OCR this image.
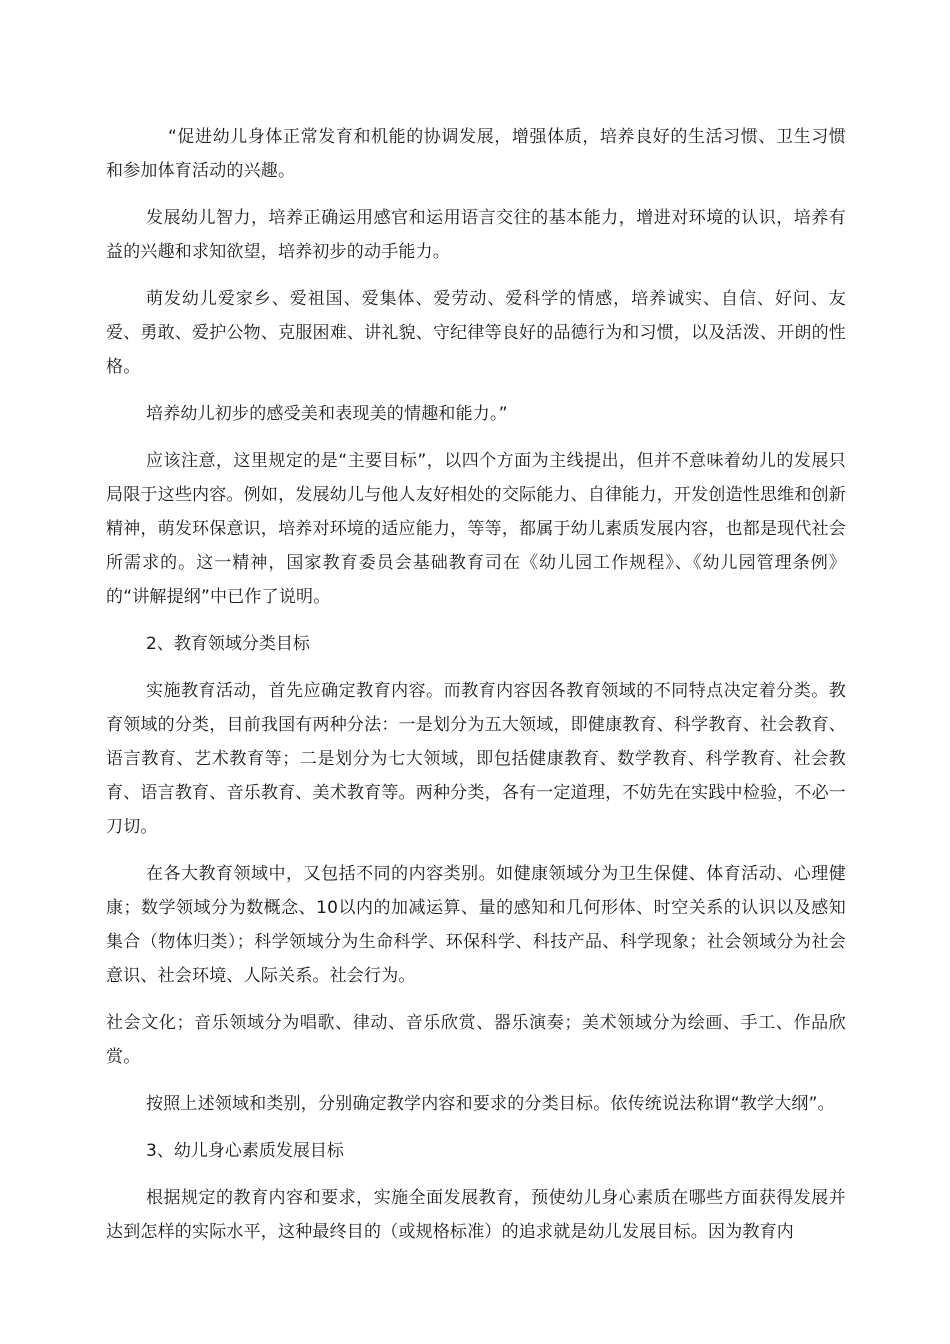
“促进幼儿身体正常发育和机能的协调发展，增强体质，培养良好的生活习惯、卫生习惯和参加体育活动的兴趣。

发展幼儿智力，培养正确运用感官和运用语言交往的基本能力，增进对环境的认识，培养有益的兴趣和求知欲望，培养初步的动手能力。

萌发幼儿爱家乡、爱祖国、爱集体、爱劳动、爱科学的情感，培养诚实、自信、好问、友爱、勇敢、爱护公物、克服困难、讲礼貌、守纪律等良好的品德行为和习惯，以及活泼、开朗的性格。

培养幼儿初步的感受美和表现美的情趣和能力。”

应该注意，这里规定的是“主要目标”，以四个方面为主线提出，但并不意味着幼儿的发展只局限于这些内容。例如，发展幼儿与他人友好相处的交际能力、自律能力，开发创造性思维和创新精神，萌发环保意识，培养对环境的适应能力，等等，都属于幼儿素质发展内容，也都是现代社会所需求的。这一精神，国家教育委员会基础教育司在《幼儿园工作规程》、《幼儿园管理条例》的“讲解提纲”中已作了说明。

2、教育领域分类目标

实施教育活动，首先应确定教育内容。而教育内容因各教育领域的不同特点决定着分类。教育领域的分类，目前我国有两种分法：一是划分为五大领域，即健康教育、科学教育、社会教育、语言教育、艺术教育等；二是划分为七大领域，即包括健康教育、数学教育、科学教育、社会教育、语言教育、音乐教育、美术教育等。两种分类，各有一定道理，不妨先在实践中检验，不必一刀切。

在各大教育领域中，又包括不同的内容类别。如健康领域分为卫生保健、体育活动、心理健康；数学领域分为数概念、10以内的加减运算、量的感知和几何形体、时空关系的认识以及感知集合（物体归类）；科学领域分为生命科学、环保科学、科技产品、科学现象；社会领域分为社会意识、社会环境、人际关系。社会行为。

社会文化；音乐领域分为唱歌、律动、音乐欣赏、器乐演奏；美术领域分为绘画、手工、作品欣赏。

按照上述领域和类别，分别确定教学内容和要求的分类目标。依传统说法称谓“教学大纲”。

3、幼儿身心素质发展目标

根据规定的教育内容和要求，实施全面发展教育，预使幼儿身心素质在哪些方面获得发展并达到怎样的实际水平，这种最终目的（或规格标准）的追求就是幼儿发展目标。因为教育内
